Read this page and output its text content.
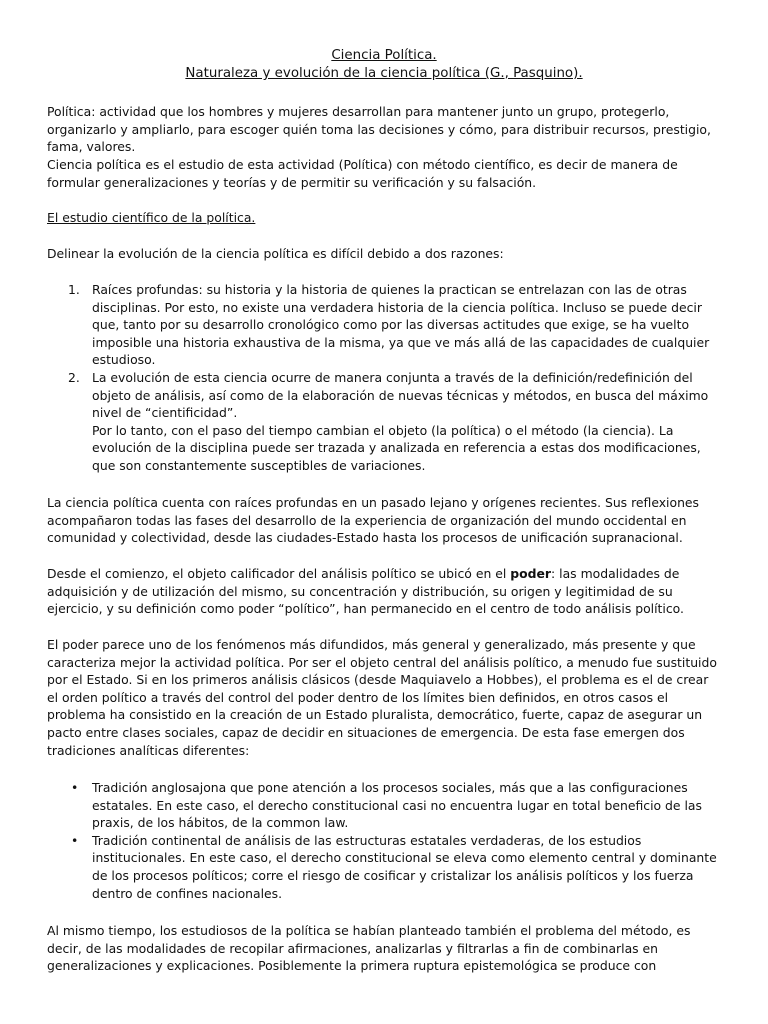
Ciencia Política.
Naturaleza y evolución de la ciencia política (G., Pasquino).

Política: actividad que los hombres y mujeres desarrollan para mantener junto un grupo, protegerlo, organizarlo y ampliarlo, para escoger quién toma las decisiones y cómo, para distribuir recursos, prestigio, fama, valores.

Ciencia política es el estudio de esta actividad (Política) con método científico, es decir de manera de formular generalizaciones y teorías y de permitir su verificación y su falsación.

El estudio científico de la política.

Delinear la evolución de la ciencia política es difícil debido a dos razones:

1. Raíces profundas: su historia y la historia de quienes la practican se entrelazan con las de otras disciplinas. Por esto, no existe una verdadera historia de la ciencia política. Incluso se puede decir que, tanto por su desarrollo cronológico como por las diversas actitudes que exige, se ha vuelto imposible una historia exhaustiva de la misma, ya que ve más allá de las capacidades de cualquier estudioso.
2. La evolución de esta ciencia ocurre de manera conjunta a través de la definición/redefinición del objeto de análisis, así como de la elaboración de nuevas técnicas y métodos, en busca del máximo nivel de “cientificidad”.
Por lo tanto, con el paso del tiempo cambian el objeto (la política) o el método (la ciencia). La evolución de la disciplina puede ser trazada y analizada en referencia a estas dos modificaciones, que son constantemente susceptibles de variaciones.

La ciencia política cuenta con raíces profundas en un pasado lejano y orígenes recientes. Sus reflexiones acompañaron todas las fases del desarrollo de la experiencia de organización del mundo occidental en comunidad y colectividad, desde las ciudades-Estado hasta los procesos de unificación supranacional.

Desde el comienzo, el objeto calificador del análisis político se ubicó en el poder: las modalidades de adquisición y de utilización del mismo, su concentración y distribución, su origen y legitimidad de su ejercicio, y su definición como poder “político”, han permanecido en el centro de todo análisis político.

El poder parece uno de los fenómenos más difundidos, más general y generalizado, más presente y que caracteriza mejor la actividad política. Por ser el objeto central del análisis político, a menudo fue sustituido por el Estado. Si en los primeros análisis clásicos (desde Maquiavelo a Hobbes), el problema es el de crear el orden político a través del control del poder dentro de los límites bien definidos, en otros casos el problema ha consistido en la creación de un Estado pluralista, democrático, fuerte, capaz de asegurar un pacto entre clases sociales, capaz de decidir en situaciones de emergencia. De esta fase emergen dos tradiciones analíticas diferentes:

• Tradición anglosajona que pone atención a los procesos sociales, más que a las configuraciones estatales. En este caso, el derecho constitucional casi no encuentra lugar en total beneficio de las praxis, de los hábitos, de la common law.
• Tradición continental de análisis de las estructuras estatales verdaderas, de los estudios institucionales. En este caso, el derecho constitucional se eleva como elemento central y dominante de los procesos políticos; corre el riesgo de cosificar y cristalizar los análisis políticos y los fuerza dentro de confines nacionales.

Al mismo tiempo, los estudiosos de la política se habían planteado también el problema del método, es decir, de las modalidades de recopilar afirmaciones, analizarlas y filtrarlas a fin de combinarlas en generalizaciones y explicaciones. Posiblemente la primera ruptura epistemológica se produce con
